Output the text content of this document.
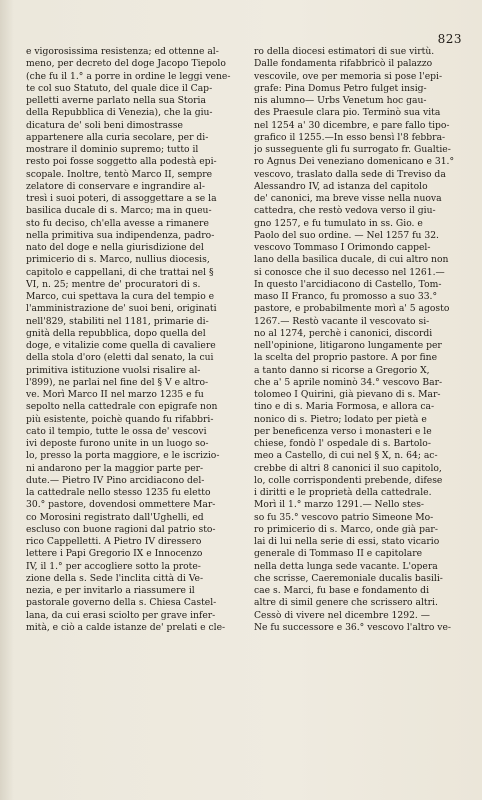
823
e vigorosissima resistenza; ed ottenne al-
meno, per decreto del doge Jacopo Tiepolo
(che fu il 1.° a porre in ordine le leggi vene-
te col suo Statuto, del quale dice il Cap-
pelletti averne parlato nella sua Storia
della Repubblica di Venezia), che la giu-
dicatura de' soli beni dimostrasse
appartenere alla curia secolare, per di-
mostrare il dominio supremo; tutto il
resto poi fosse soggetto alla podestà epi-
scopale. Inoltre, tentò Marco II, sempre
zelatore di conservare e ingrandire al-
tresì i suoi poteri, di assoggettare a se la
basilica ducale di s. Marco; ma in queu-
sto fu deciso, ch'ella avesse a rimanere
nella primitiva sua indipendenza, padro-
nato del doge e nella giurisdizione del
primicerio di s. Marco, nullius diocesis,
capitolo e cappellani, di che trattai nel §
VI, n. 25; mentre de' procuratori di s.
Marco, cui spettava la cura del tempio e
l'amministrazione de' suoi beni, originati
nell'829, stabiliti nel 1181, primarie di-
gnità della repubblica, dopo quella del
doge, e vitalizie come quella di cavaliere
della stola d'oro (eletti dal senato, la cui
primitiva istituzione vuolsi risalire al-
l'899), ne parlai nel fine del § V e altro-
ve. Morì Marco II nel marzo 1235 e fu
sepolto nella cattedrale con epigrafe non
più esistente, poichè quando fu rifabbri-
cato il tempio, tutte le ossa de' vescovi
ivi deposte furono unite in un luogo so-
lo, presso la porta maggiore, e le iscrizio-
ni andarono per la maggior parte per-
dute.— Pietro IV Pino arcidiacono del-
la cattedrale nello stesso 1235 fu eletto
30.° pastore, dovendosi ommettere Mar-
co Morosini registrato dall'Ughelli, ed
escluso con buone ragioni dal patrio sto-
rico Cappelletti. A Pietro IV diressero
lettere i Papi Gregorio IX e Innocenzo
IV, il 1.° per accogliere sotto la prote-
zione della s. Sede l'inclita città di Ve-
nezia, e per invitarlo a riassumere il
pastorale governo della s. Chiesa Castel-
lana, da cui erasi sciolto per grave infer-
mità, e ciò a calde istanze de' prelati e cle-
ro della diocesi estimatori di sue virtù.
Dalle fondamenta rifabbricò il palazzo
vescovile, ove per memoria si pose l'epi-
grafe: Pina Domus Petro fulget insig-
nis alumno— Urbs Venetum hoc gau-
des Praesule clara pio. Terminò sua vita
nel 1254 a' 30 dicembre, e pare fallo tipo-
grafico il 1255.—In esso bensì l'8 febbra-
jo susseguente gli fu surrogato fr. Gualtie-
ro Agnus Dei veneziano domenicano e 31.°
vescovo, traslato dalla sede di Treviso da
Alessandro IV, ad istanza del capitolo
de' canonici, ma breve visse nella nuova
cattedra, che restò vedova verso il giu-
gno 1257, e fu tumulato in ss. Gio. e
Paolo del suo ordine. — Nel 1257 fu 32.
vescovo Tommaso I Orimondo cappel-
lano della basilica ducale, di cui altro non
si conosce che il suo decesso nel 1261.—
In questo l'arcidiacono di Castello, Tom-
maso II Franco, fu promosso a suo 33.°
pastore, e probabilmente morì a' 5 agosto
1267.— Restò vacante il vescovato si-
no al 1274, perchè i canonici, discordi
nell'opinione, litigarono lungamente per
la scelta del proprio pastore. A por fine
a tanto danno si ricorse a Gregorio X,
che a' 5 aprile nominò 34.° vescovo Bar-
tolomeo I Quirini, già pievano di s. Mar-
tino e di s. Maria Formosa, e allora ca-
nonico di s. Pietro; lodato per pietà e
per beneficenza verso i monasteri e le
chiese, fondò l' ospedale di s. Bartolo-
meo a Castello, di cui nel § X, n. 64; ac-
crebbe di altri 8 canonici il suo capitolo,
lo, colle corrispondenti prebende, difese
i diritti e le proprietà della cattedrale.
Morì il 1.° marzo 1291.— Nello stes-
so fu 35.° vescovo patrio Simeone Mo-
ro primicerio di s. Marco, onde già par-
lai di lui nella serie di essi, stato vicario
generale di Tommaso II e capitolare
nella detta lunga sede vacante. L'opera
che scrisse, Caeremoniale ducalis basili-
cae s. Marci, fu base e fondamento di
altre di simil genere che scrissero altri.
Cessò di vivere nel dicembre 1292. —
Ne fu successore e 36.° vescovo l'altro ve-
